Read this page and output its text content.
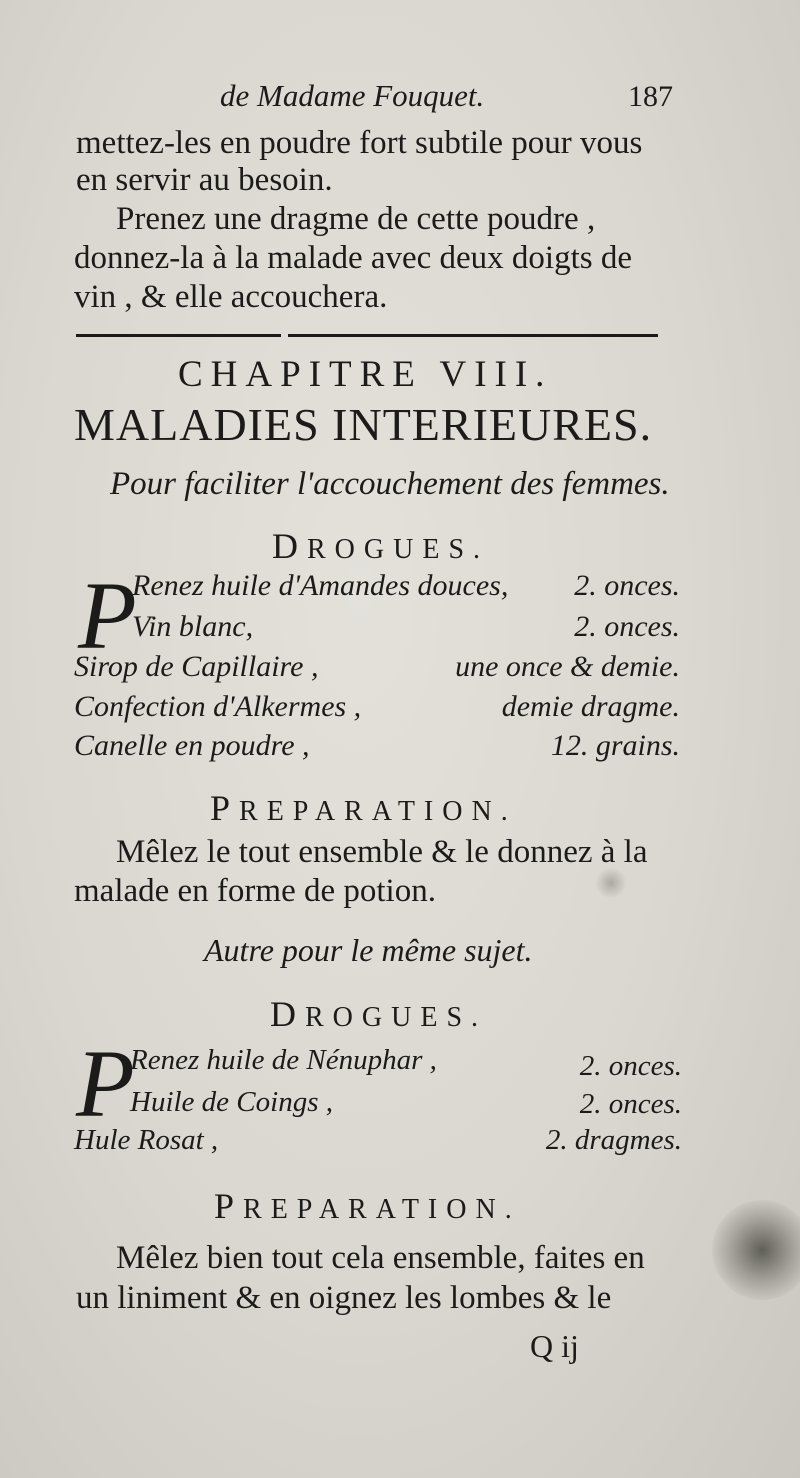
de Madame Fouquet.	187
mettez-les en poudre fort subtile pour vous
en servir au besoin.
Prenez une dragme de cette poudre ,
donnez-la à la malade avec deux doigts de
vin , & elle accouchera.
CHAPITRE VIII.
MALADIES INTERIEURES.
Pour faciliter l'accouchement des femmes.
DROGUES.
P
Renez huile d'Amandes douces,	2. onces.
Vin blanc,	2. onces.
Sirop de Capillaire ,	une once & demie.
Confection d'Alkermes ,	demie dragme.
Canelle en poudre ,	12. grains.
PREPARATION.
Mêlez le tout ensemble & le donnez à la
malade en forme de potion.
Autre pour le même sujet.
DROGUES.
P
Renez huile de Nénuphar ,	2. onces.
Huile de Coings ,	2. onces.
Hule Rosat ,	2. dragmes.
PREPARATION.
Mêlez bien tout cela ensemble, faites en
un liniment & en oignez les lombes & le
Q ij
